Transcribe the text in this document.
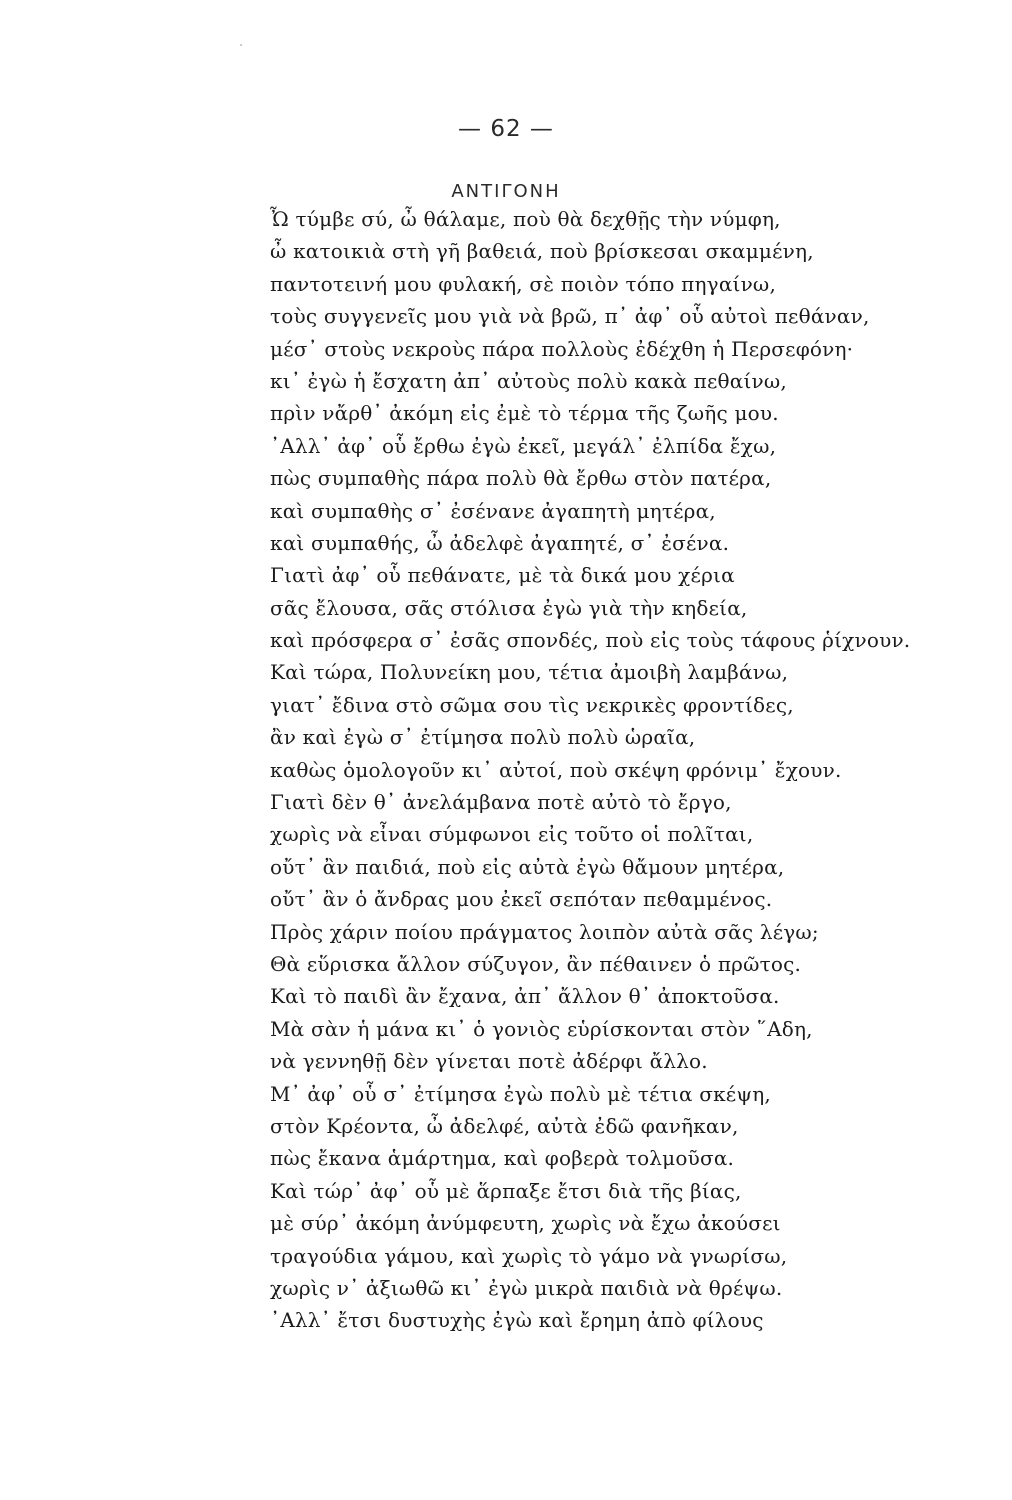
— 62 —
ΑΝΤΙΓΟΝΗ
Ὦ τύμβε σύ, ὦ θάλαμε, ποὺ θὰ δεχθῇς τὴν νύμφη,
ὦ κατοικιὰ στὴ γῆ βαθειά, ποὺ βρίσκεσαι σκαμμένη,
παντοτεινή μου φυλακή, σὲ ποιὸν τόπο πηγαίνω,
τοὺς συγγενεῖς μου γιὰ νὰ βρῶ, π᾿ ἀφ᾿ οὗ αὐτοὶ πεθάναν,
μέσ᾿ στοὺς νεκροὺς πάρα πολλοὺς ἐδέχθη ἡ Περσεφόνη·
κι᾿ ἐγὼ ἡ ἔσχατη ἀπ᾿ αὐτοὺς πολὺ κακὰ πεθαίνω,
πρὶν νἄρθ᾿ ἀκόμη εἰς ἐμὲ τὸ τέρμα τῆς ζωῆς μου.
᾿Αλλ᾿ ἀφ᾿ οὗ ἔρθω ἐγὼ ἐκεῖ, μεγάλ᾿ ἐλπίδα ἔχω,
πὼς συμπαθὴς πάρα πολὺ θὰ ἔρθω στὸν πατέρα,
καὶ συμπαθὴς σ᾿ ἐσένανε ἀγαπητὴ μητέρα,
καὶ συμπαθής, ὦ ἀδελφὲ ἀγαπητέ, σ᾿ ἐσένα.
Γιατὶ ἀφ᾿ οὗ πεθάνατε, μὲ τὰ δικά μου χέρια
σᾶς ἔλουσα, σᾶς στόλισα ἐγὼ γιὰ τὴν κηδεία,
καὶ πρόσφερα σ᾿ ἐσᾶς σπονδές, ποὺ εἰς τοὺς τάφους ῥίχνουν.
Καὶ τώρα, Πολυνείκη μου, τέτια ἀμοιβὴ λαμβάνω,
γιατ᾿ ἔδινα στὸ σῶμα σου τὶς νεκρικὲς φροντίδες,
ἂν καὶ ἐγὼ σ᾿ ἐτίμησα πολὺ πολὺ ὡραῖα,
καθὼς ὁμολογοῦν κι᾿ αὐτοί, ποὺ σκέψη φρόνιμ᾿ ἔχουν.
Γιατὶ δὲν θ᾿ ἀνελάμβανα ποτὲ αὐτὸ τὸ ἔργο,
χωρὶς νὰ εἶναι σύμφωνοι εἰς τοῦτο οἱ πολῖται,
οὔτ᾿ ἂν παιδιά, ποὺ εἰς αὐτὰ ἐγὼ θἄμουν μητέρα,
οὔτ᾿ ἂν ὁ ἄνδρας μου ἐκεῖ σεπόταν πεθαμμένος.
Πρὸς χάριν ποίου πράγματος λοιπὸν αὐτὰ σᾶς λέγω;
Θὰ εὕρισκα ἄλλον σύζυγον, ἂν πέθαινεν ὁ πρῶτος.
Καὶ τὸ παιδὶ ἂν ἔχανα, ἀπ᾿ ἄλλον θ᾿ ἀποκτοῦσα.
Μὰ σὰν ἡ μάνα κι᾿ ὁ γονιὸς εὑρίσκονται στὸν ῞Αδη,
νὰ γεννηθῇ δὲν γίνεται ποτὲ ἀδέρφι ἄλλο.
Μ᾿ ἀφ᾿ οὗ σ᾿ ἐτίμησα ἐγὼ πολὺ μὲ τέτια σκέψη,
στὸν Κρέοντα, ὦ ἀδελφέ, αὐτὰ ἐδῶ φανῆκαν,
πὼς ἔκανα ἁμάρτημα, καὶ φοβερὰ τολμοῦσα.
Καὶ τώρ᾿ ἀφ᾿ οὗ μὲ ἅρπαξε ἔτσι διὰ τῆς βίας,
μὲ σύρ᾿ ἀκόμη ἀνύμφευτη, χωρὶς νὰ ἔχω ἀκούσει
τραγούδια γάμου, καὶ χωρὶς τὸ γάμο νὰ γνωρίσω,
χωρὶς ν᾿ ἀξιωθῶ κι᾿ ἐγὼ μικρὰ παιδιὰ νὰ θρέψω.
᾿Αλλ᾿ ἔτσι δυστυχὴς ἐγὼ καὶ ἔρημη ἀπὸ φίλους
